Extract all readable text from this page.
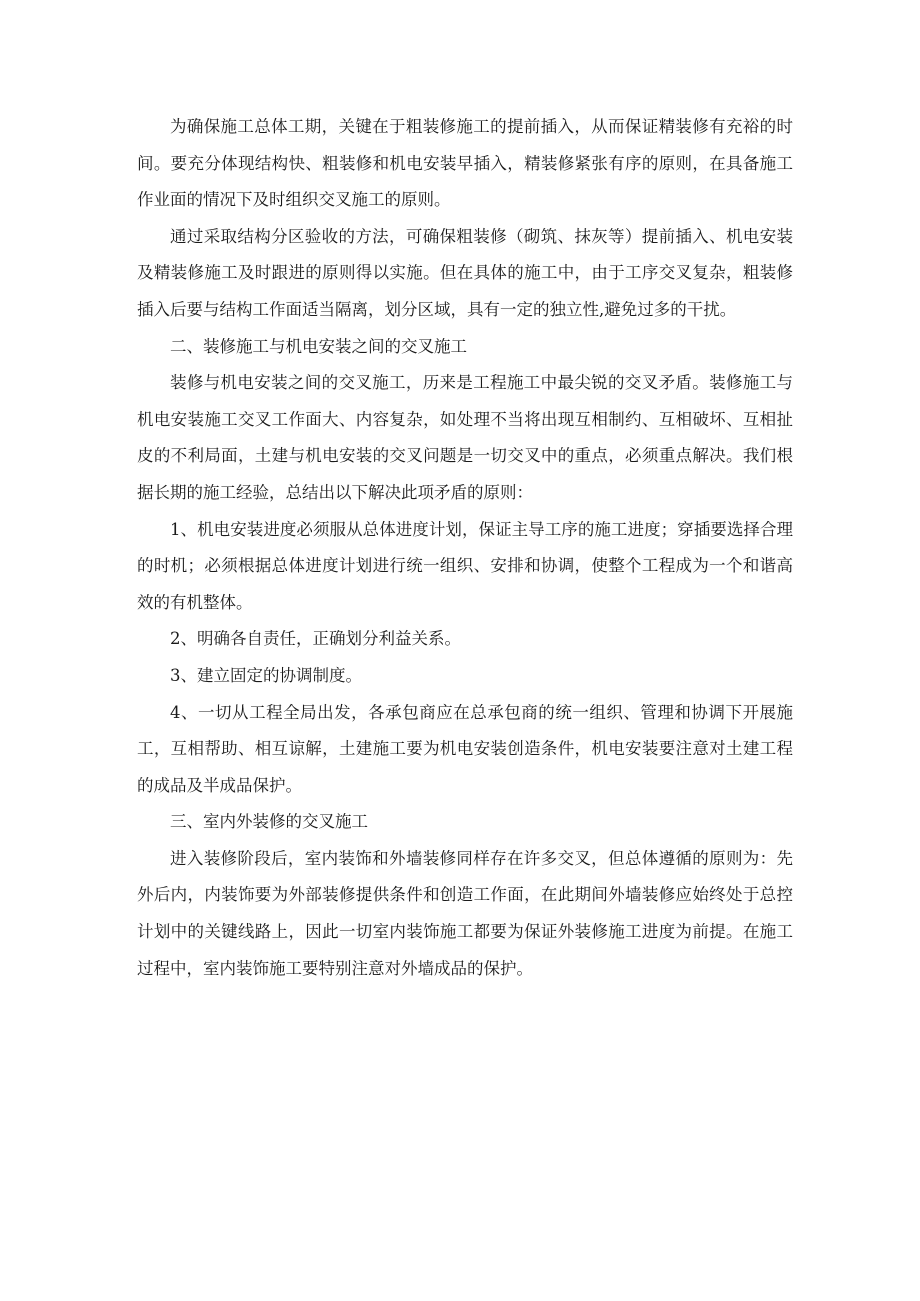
为确保施工总体工期，关键在于粗装修施工的提前插入，从而保证精装修有充裕的时间。要充分体现结构快、粗装修和机电安装早插入，精装修紧张有序的原则，在具备施工作业面的情况下及时组织交叉施工的原则。

通过采取结构分区验收的方法，可确保粗装修（砌筑、抹灰等）提前插入、机电安装及精装修施工及时跟进的原则得以实施。但在具体的施工中，由于工序交叉复杂，粗装修插入后要与结构工作面适当隔离，划分区域，具有一定的独立性,避免过多的干扰。

二、装修施工与机电安装之间的交叉施工

装修与机电安装之间的交叉施工，历来是工程施工中最尖锐的交叉矛盾。装修施工与机电安装施工交叉工作面大、内容复杂，如处理不当将出现互相制约、互相破坏、互相扯皮的不利局面，土建与机电安装的交叉问题是一切交叉中的重点，必须重点解决。我们根据长期的施工经验，总结出以下解决此项矛盾的原则：

1、机电安装进度必须服从总体进度计划，保证主导工序的施工进度；穿插要选择合理的时机；必须根据总体进度计划进行统一组织、安排和协调，使整个工程成为一个和谐高效的有机整体。

2、明确各自责任，正确划分利益关系。

3、建立固定的协调制度。

4、一切从工程全局出发，各承包商应在总承包商的统一组织、管理和协调下开展施工，互相帮助、相互谅解，土建施工要为机电安装创造条件，机电安装要注意对土建工程的成品及半成品保护。

三、室内外装修的交叉施工

进入装修阶段后，室内装饰和外墙装修同样存在许多交叉，但总体遵循的原则为：先外后内，内装饰要为外部装修提供条件和创造工作面，在此期间外墙装修应始终处于总控计划中的关键线路上，因此一切室内装饰施工都要为保证外装修施工进度为前提。在施工过程中，室内装饰施工要特别注意对外墙成品的保护。
